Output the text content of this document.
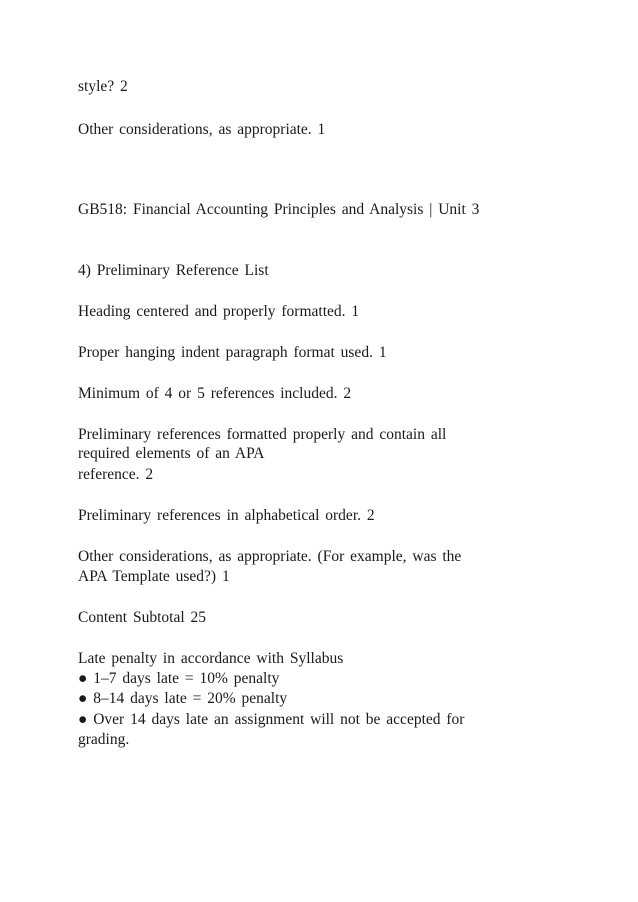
style? 2
Other considerations, as appropriate. 1
GB518: Financial Accounting Principles and Analysis | Unit 3
4) Preliminary Reference List
Heading centered and properly formatted. 1
Proper hanging indent paragraph format used. 1
Minimum of 4 or 5 references included. 2
Preliminary references formatted properly and contain all
required elements of an APA
reference. 2
Preliminary references in alphabetical order. 2
Other considerations, as appropriate. (For example, was the
APA Template used?) 1
Content Subtotal 25
Late penalty in accordance with Syllabus
● 1–7 days late = 10% penalty
● 8–14 days late = 20% penalty
● Over 14 days late an assignment will not be accepted for
grading.
